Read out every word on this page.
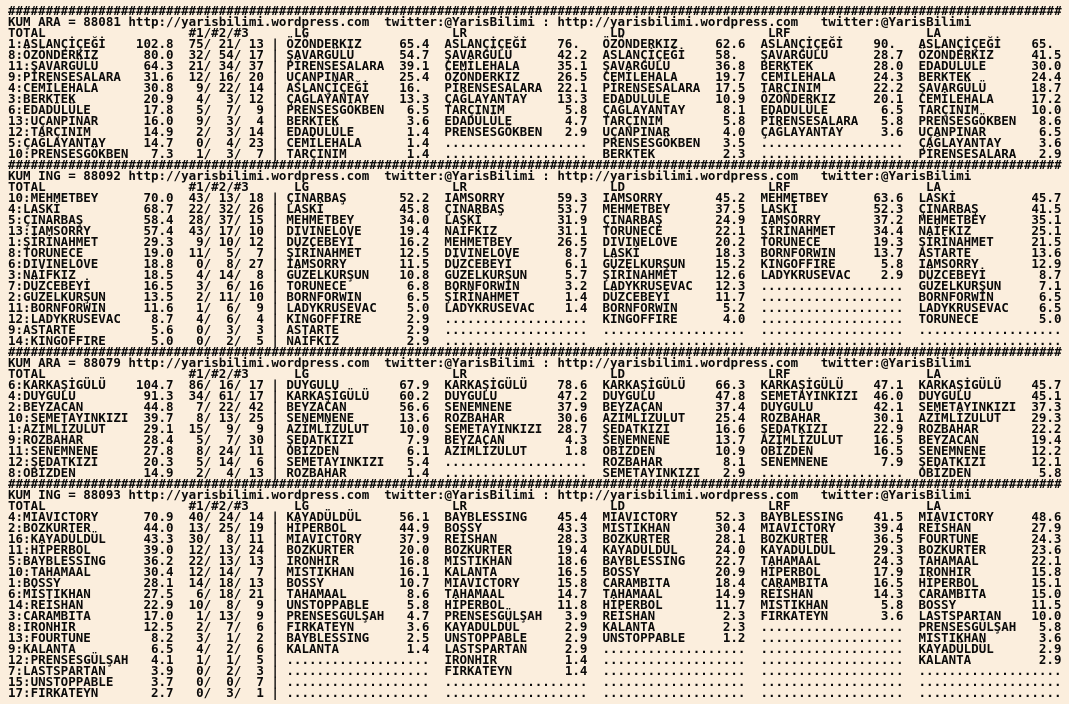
############################################################################################################################################
KUM ARA = 88081 http://yarisbilimi.wordpress.com twitter:@YarisBilimi : http://yarisbilimi.wordpress.com twitter:@YarisBilimi
TOTAL	#1/#2/#3	LG	LR	LD	LRF	LA
1:ASLANÇİÇEĞİ 102.8 75/ 21/ 13 | ÖZÖNDERKIZ	65.4 ASLANÇİÇEĞİ 76. ÖZÖNDERKIZ	62.6 ASLANÇİÇEĞİ 90. ASLANÇİÇEĞİ 65.
8:ÖZÖNDERKIZ	80.0 32/ 54/ 17 | ŞAVARGÜLÜ	54.7 ŞAVARGÜLÜ	42.2 ASLANÇİÇEĞİ 58. ŞAVARGÜLÜ	28.7 ÖZÖNDERKIZ	41.5
11:ŞAVARGÜLÜ	64.3 21/ 34/ 37 | PİRENSESALARA 39.1 CEMİLEHALA	35.1 ŞAVARGÜLÜ	36.8 BERKTEK	28.0 EDADÜLÜLE	30.0
9:PİRENSESALARA 31.6 12/ 16/ 20 | UÇANPINAR	25.4 ÖZÖNDERKIZ	26.5 CEMİLEHALA	19.7 CEMİLEHALA	24.3 BERKTEK	24.4
4:CEMİLEHALA	30.8 9/ 22/ 14 | ASLANÇİÇEĞİ 16. PİRENSESALARA 22.1 PİRENSESALARA 17.5 TARÇINIM	22.2 ŞAVARGÜLÜ	18.7
3:BERKTEK	20.9 4/  3/ 12 | ÇAĞLAYANTAY 13.3 ÇAĞLAYANTAY 13.3 EDADÜLÜLE	10.9 ÖZÖNDERKIZ	20.1 CEMİLEHALA	17.2
6:EDADÜLÜLE	17.8 5/  7/  9 | PRENSESGÖKBEN 6.5 TARÇINIM	5.8 ÇAĞLAYANTAY	8.1 EDADÜLÜLE	6.5 TARÇINIM	10.0
13:UÇANPINAR	16.0 9/  3/  4 | BERKTEK	3.6 EDADÜLÜLE	4.7 TARÇINIM	5.8 PİRENSESALARA 5.8 PRENSESGÖKBEN 8.6
12:TARÇINIM	14.9 2/  3/ 14 | EDADÜLÜLE	1.4 PRENSESGÖKBEN 2.9 UÇANPINAR	4.0 ÇAĞLAYANTAY	3.6 UÇANPINAR	6.5
5:ÇAĞLAYANTAY	14.7 0/  4/ 23 | CEMİLEHALA	1.4 ................... PRENSESGÖKBEN 3.5 ................... ÇAĞLAYANTAY	3.6
10:PRENSESGÖKBEN 7.3 1/  3/  7 | TARÇINIM	1.4 ................... BERKTEK	2.3 ................... PİRENSESALARA 2.9
############################################################################################################################################
KUM ING = 88092 http://yarisbilimi.wordpress.com twitter:@YarisBilimi : http://yarisbilimi.wordpress.com twitter:@YarisBilimi
TOTAL	#1/#2/#3	LG	LR	LD	LRF	LA
10:MEHMETBEY	70.0 43/ 13/ 18 | ÇINARBAŞ	52.2 IAMSORRY	59.3 IAMSORRY	45.2 MEHMETBEY	63.6 LASKİ	45.7
4:LASKİ	68.7 22/ 32/ 26 | LASKİ	45.8 ÇINARBAŞ	53.7 MEHMETBEY	37.5 LASKİ	52.3 ÇINARBAŞ	41.5
5:ÇINARBAŞ	58.4 28/ 37/ 15 | MEHMETBEY	34.0 LASKİ	31.9 ÇINARBAŞ	24.9 IAMSORRY	37.2 MEHMETBEY	35.1
13:IAMSORRY	57.4 43/ 17/ 10 | DIVINELOVE	19.4 NAİFKIZ	31.1 TORUNECE	22.1 ŞİRİNAHMET	34.4 NAİFKIZ	25.1
1:ŞİRİNAHMET	29.3 9/ 10/ 12 | DÜZCEBEYİ	16.2 MEHMETBEY	26.5 DIVINELOVE	20.2 TORUNECE	19.3 ŞİRİNAHMET	21.5
8:TORUNECE	19.0 11/  5/  7 | ŞİRİNAHMET	12.5 DIVINELOVE	8.7 LASKİ	18.3 BORNFORWIN	13.7 ASTARTE	13.6
6:DIVINELOVE	18.8 0/  8/ 27 | IAMSORRY	11.5 DÜZCEBEYİ	6.1 GÜZELKURŞUN 15.2 KINGOFFIRE	5.8 IAMSORRY	12.9
3:NAİFKIZ	18.5 4/ 14/  8 | GÜZELKURŞUN 10.8 GÜZELKURŞUN	5.7 ŞİRİNAHMET	12.6 LADYKRUSEVAC 2.9 DÜZCEBEYİ	8.7
7:DÜZCEBEYİ	16.5 3/  6/ 16 | TORUNECE	6.8 BORNFORWIN	3.2 LADYKRUSEVAC 12.3 ................... GÜZELKURŞUN	7.1
2:GÜZELKURŞUN	13.5 2/ 11/ 10 | BORNFORWIN	6.5 ŞİRİNAHMET	1.4 DÜZCEBEYİ	11.7 ................... BORNFORWİN	6.5
11:BORNFORWIN	11.6 1/  6/  9 | LADYKRUSEVAC 5.0 LADYKRUSEVAC 1.4 BORNFORWIN	5.2 ................... LADYKRUSEVAC 6.5
12:LADYKRUSEVAC 8.7 4/  6/  4 | KINGOFFIRE	2.9 ................... KINGOFFIRE	4.0 ................... TORUNECE	5.0
9:ASTARTE	5.6 0/  3/  3 | ASTARTE	2.9 ................... ................... ................... ...................
14:KINGOFFIRE	5.0 0/  2/  5 | NAİFKIZ	2.9 ................... ................... ................... ...................
############################################################################################################################################
KUM ARA = 88079 http://yarisbilimi.wordpress.com twitter:@YarisBilimi : http://yarisbilimi.wordpress.com twitter:@YarisBilimi
TOTAL	#1/#2/#3	LG	LR	LD	LRF	LA
6:KARKAŞİGÜLÜ 104.7 86/ 16/ 17 | DUYGULU	67.9 KARKAŞİGÜLÜ 78.6 KARKAŞİGÜLÜ 66.3 KARKAŞİGÜLÜ 47.1 KARKAŞİGÜLÜ 45.7
4:DUYGULU	91.3 34/ 61/ 17 | KARKAŞİGÜLÜ 60.2 DUYGULU	47.2 DUYGULU	47.8 SEMETAYINKIZI 46.0 DUYGULU	45.1
2:BEYZACAN	44.8 7/ 22/ 42 | BEYZACAN	56.6 SENEMNENE	37.9 BEYZACAN	37.4 DUYGULU	42.1 SEMETAYINKIZI 37.3
10:SEMETAYINKIZI 39.7 8/ 13/ 25 | SENEMNENE	13.6 ROZBAHAR	30.6 AZİMLİZULUT 25.4 ROZBAHAR	30.1 AZİMLİZULUT 29.3
1:AZİMLİZULUT	29.1 15/  9/  9 | AZİMLİZULUT 10.0 SEMETAYINKIZI 28.7 ŞEDATKIZI	16.6 ŞEDATKIZI	22.9 ROZBAHAR	22.2
9:ROZBAHAR	28.4 5/  7/ 30 | ŞEDATKIZI	7.9 BEYZACAN	4.3 SENEMNENE	13.7 AZİMLİZULUT 16.5 BEYZACAN	19.4
11:SENEMNENE	27.8 8/ 24/ 11 | OBİZDEN	6.1 AZİMLİZULUT	1.8 OBİZDEN	10.9 OBİZDEN	16.5 SENEMNENE	12.2
12:ŞEDATKIZI	20.3 5/ 14/  6 | SEMETAYINKIZI 5.4 ................... ROZBAHAR	8.1 SENEMNENE	7.9 ŞEDATKIZI	12.1
8:OBİZDEN	14.9 2/  4/ 13 | ROZBAHAR	1.4 ................... SEMETAYINKIZI 2.9 ................... OBİZDEN	5.8
############################################################################################################################################
KUM ING = 88093 http://yarisbilimi.wordpress.com twitter:@YarisBilimi : http://yarisbilimi.wordpress.com twitter:@YarisBilimi
TOTAL	#1/#2/#3	LG	LR	LD	LRF	LA
4:MIAVICTORY	70.9 40/ 24/ 14 | KAYADÜLDÜL	56.1 BAYBLESSING 45.4 MIAVICTORY	52.3 BAYBLESSING 41.5 MIAVICTORY	48.6
2:BOZKURTER	44.0 13/ 25/ 19 | HİPERBOL	44.9 BOSSY	43.3 MISTIKHAN	30.4 MIAVICTORY	39.4 REİSHAN	27.9
16:KAYADÜLDÜL	43.3 30/  8/ 11 | MIAVICTORY	37.9 REİSHAN	28.3 BOZKURTER	28.1 BOZKURTER	36.5 FOURTUNE	24.3
11:HİPERBOL	39.0 12/ 13/ 24 | BOZKURTER	20.0 BOZKURTER	19.4 KAYADÜLDÜL	24.0 KAYADÜLDÜL	29.3 BOZKURTER	23.6
5:BAYBLESSING	36.2 22/ 13/ 13 | IRONHIR	16.8 MISTIKHAN	18.6 BAYBLESSING 22.7 TAHAMAAL	24.3 TAHAMAAL	22.1
10:TAHAMAAL	30.4 12/ 14/  7 | MISTIKHAN	16.1 KALANTA	16.5 BOSSY	20.9 HİPERBOL	17.9 IRONHIR	15.8
1:BOSSY	28.1 14/ 18/ 13 | BOSSY	10.7 MIAVICTORY	15.8 CARAMBITA	18.4 CARAMBITA	16.5 HİPERBOL	15.1
6:MİSTIKHAN	27.5 6/ 18/ 21 | TAHAMAAL	8.6 TAHAMAAL	14.7 TAHAMAAL	14.9 REİSHAN	14.3 CARAMBITA	15.0
14:REİSHAN	22.9 10/  8/  9 | UNSTOPPABLE	5.8 HİPERBOL	11.8 HİPERBOL	11.7 MISTIKHAN	5.8 BOSSY	11.5
3:CARAMBITA	17.0 1/ 13/  9 | PRENSESGÜLŞAH 4.7 PRENSESGÜLŞAH 3.9 REİSHAN	2.3 FIRKATEYN	3.6 LASTSPARTAN 10.0
8:IRONHIR	12.5 2/  7/  6 | FIRKATEYN	3.6 KAYADÜLDÜL	2.9 KALANTA	2.3 ................... PRENSESGÜLŞAH 5.8
13:FOURTUNE	8.2 3/  1/  2 | BAYBLESSING	2.5 UNSTOPPABLE	2.9 UNSTOPPABLE	1.2 ................... MISTIKHAN	3.6
9:KALANTA	6.5 4/  2/  6 | KALANTA	1.4 LASTSPARTAN	2.9 ................... ................... KAYADÜLDÜL	2.9
12:PRENSESGÜLŞAH 4.1 1/  1/  5 | ................... IRONHIR	1.4 ................... ................... KALANTA	2.9
7:LASTSPARTAN	3.9 0/  2/  3 | ................... FIRKATEYN	1.4 ................... ................... ...................
15:UNSTOPPABLE	3.7 0/  0/  7 | ................... ................... ................... ................... ...................
17:FIRKATEYN	2.7 0/  3/  1 | ................... ................... ................... ................... ...................
